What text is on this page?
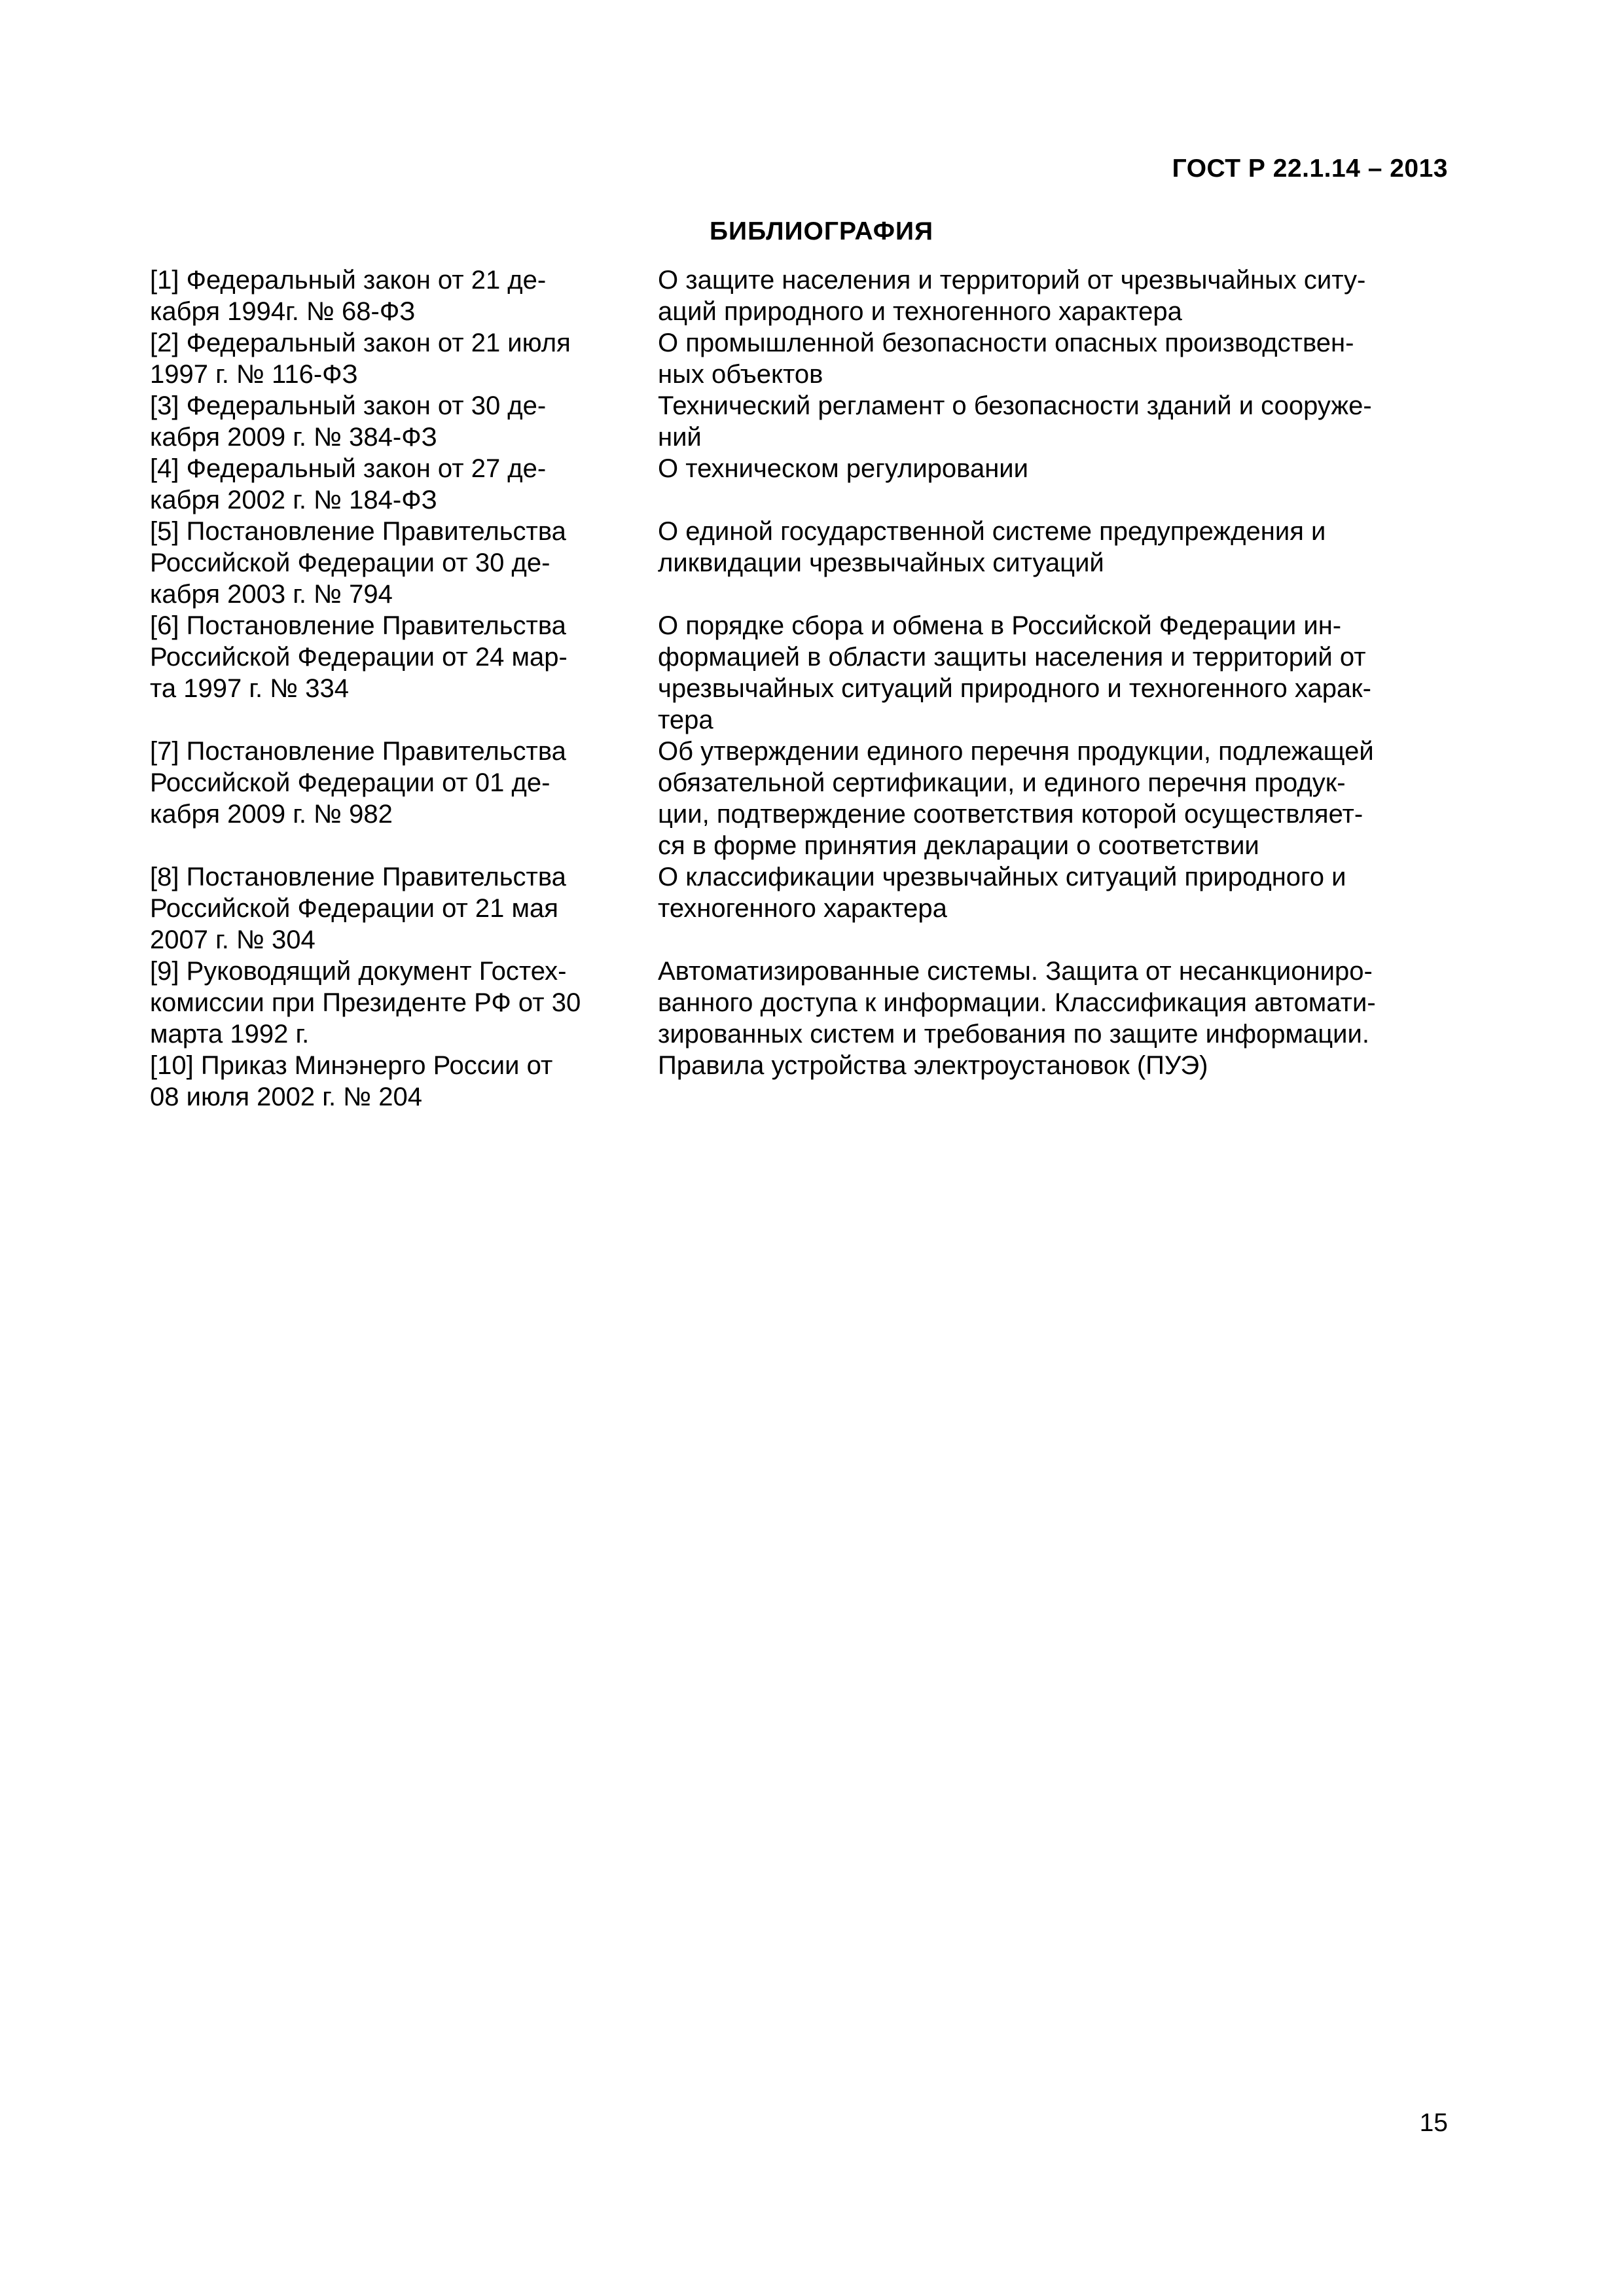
ГОСТ Р 22.1.14 – 2013
БИБЛИОГРАФИЯ
[1] Федеральный закон от 21 де-
кабря 1994г. № 68-ФЗ
О защите населения и территорий от чрезвычайных ситу-
аций природного и техногенного характера
[2] Федеральный закон от 21 июля
1997 г. № 116-ФЗ
О промышленной безопасности опасных производствен-
ных объектов
[3] Федеральный закон от 30 де-
кабря 2009 г. № 384-ФЗ
Технический регламент о безопасности зданий и сооруже-
ний
[4] Федеральный закон от 27 де-
кабря 2002 г. № 184-ФЗ
О техническом регулировании
[5] Постановление Правительства
Российской Федерации от 30 де-
кабря 2003 г. № 794
О единой государственной системе предупреждения и
ликвидации чрезвычайных ситуаций
[6] Постановление Правительства
Российской Федерации от 24 мар-
та 1997 г. № 334
О порядке сбора и обмена в Российской Федерации ин-
формацией в области защиты населения и территорий от
чрезвычайных ситуаций природного и техногенного харак-
тера
[7] Постановление Правительства
Российской Федерации от 01 де-
кабря 2009 г. № 982
Об утверждении единого перечня продукции, подлежащей
обязательной сертификации, и единого перечня продук-
ции, подтверждение соответствия которой осуществляет-
ся в форме принятия декларации о соответствии
[8] Постановление Правительства
Российской Федерации от 21 мая
2007 г. № 304
О классификации чрезвычайных ситуаций природного и
техногенного характера
[9] Руководящий документ Гостех-
комиссии при Президенте РФ от 30
марта 1992 г.
Автоматизированные системы. Защита от несанкциониро-
ванного доступа к информации. Классификация автомати-
зированных систем и требования по защите информации.
[10] Приказ Минэнерго России от
08 июля 2002 г. № 204
Правила устройства электроустановок (ПУЭ)
15
